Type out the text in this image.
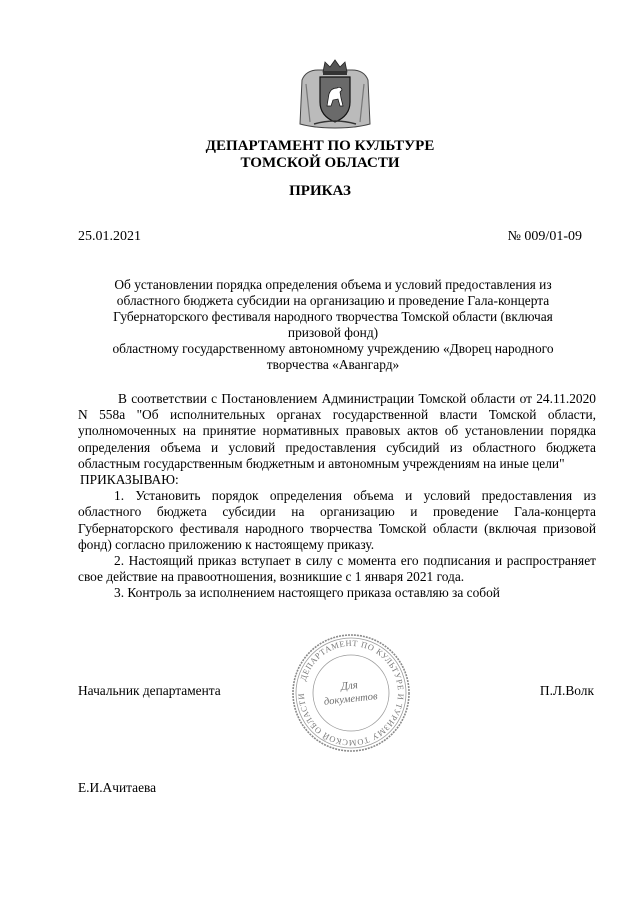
ДЕПАРТАМЕНТ ПО КУЛЬТУРЕ
ТОМСКОЙ ОБЛАСТИ
ПРИКАЗ
25.01.2021	№ 009/01-09

Об установлении порядка определения объема и условий предоставления из

областного бюджета субсидии на организацию и проведение Гала-концерта

Губернаторского фестиваля народного творчества Томской области (включая

призовой фонд)

областному государственному автономному учреждению «Дворец народного

творчества «Авангард»

В соответствии с Постановлением Администрации Томской области от 24.11.2020 N 558а "Об исполнительных органах государственной власти Томской области, уполномоченных на принятие нормативных правовых актов об установлении порядка определения объема и условий предоставления субсидий из областного бюджета областным государственным бюджетным и автономным учреждениям на иные цели"

ПРИКАЗЫВАЮ:

1. Установить порядок определения объема и условий предоставления из областного бюджета субсидии на организацию и проведение Гала-концерта Губернаторского фестиваля народного творчества Томской области (включая призовой фонд) согласно приложению к настоящему приказу.

2. Настоящий приказ вступает в силу с момента его подписания и распространяет свое действие на правоотношения, возникшие с 1 января 2021 года.

3. Контроль за исполнением настоящего приказа оставляю за собой

ДЕПАРТАМЕНТ ПО КУЛЬТУРЕ И ТУРИЗМУ ТОМСКОЙ ОБЛАСТИ
Для
документов
Начальник департамента	П.Л.Волк
Е.И.Ачитаева
